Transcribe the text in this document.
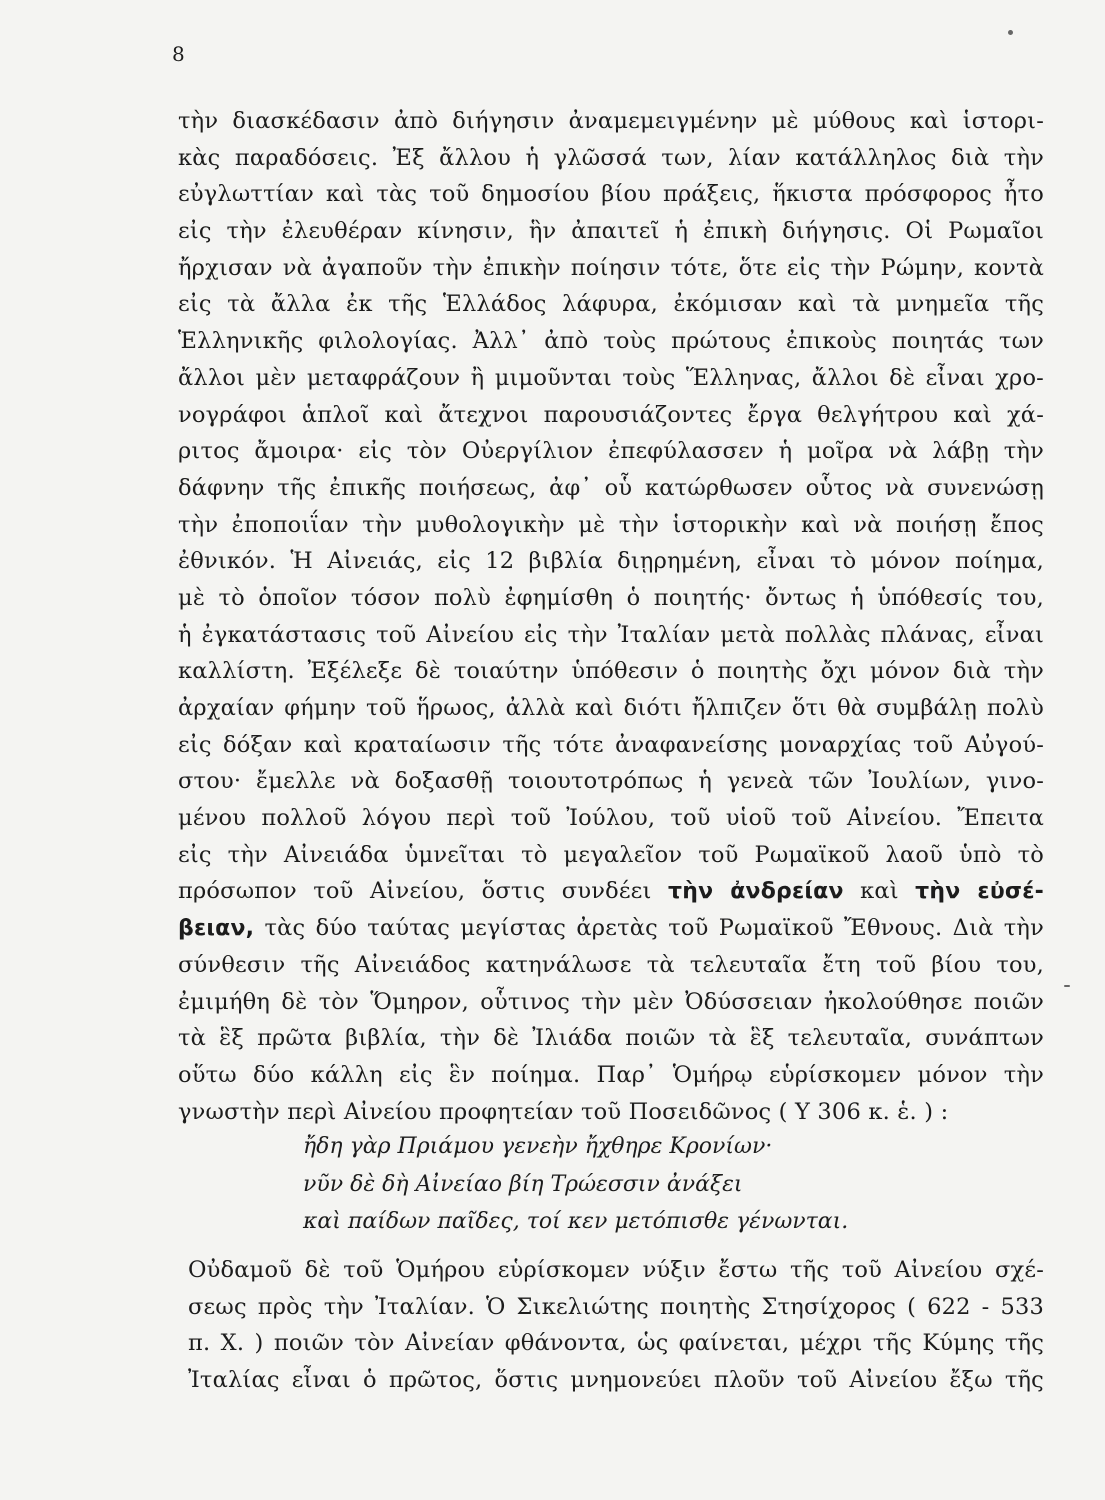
8
τὴν διασκέδασιν ἀπὸ διήγησιν ἀναμεμειγμένην μὲ μύθους καὶ ἱστορι-
κὰς παραδόσεις. Ἐξ ἄλλου ἡ γλῶσσά των, λίαν κατάλληλος διὰ τὴν
εὐγλωττίαν καὶ τὰς τοῦ δημοσίου βίου πράξεις, ἥκιστα πρόσφορος ἦτο
εἰς τὴν ἐλευθέραν κίνησιν, ἣν ἀπαιτεῖ ἡ ἐπικὴ διήγησις. Οἱ Ρωμαῖοι
ἤρχισαν νὰ ἀγαποῦν τὴν ἐπικὴν ποίησιν τότε, ὅτε εἰς τὴν Ρώμην, κοντὰ
εἰς τὰ ἄλλα ἐκ τῆς Ἑλλάδος λάφυρα, ἐκόμισαν καὶ τὰ μνημεῖα τῆς
Ἑλληνικῆς φιλολογίας. Ἀλλ᾽ ἀπὸ τοὺς πρώτους ἐπικοὺς ποιητάς των
ἄλλοι μὲν μεταφράζουν ἢ μιμοῦνται τοὺς Ἕλληνας, ἄλλοι δὲ εἶναι χρο-
νογράφοι ἁπλοῖ καὶ ἄτεχνοι παρουσιάζοντες ἔργα θελγήτρου καὶ χά-
ριτος ἄμοιρα· εἰς τὸν Οὐεργίλιον ἐπεφύλασσεν ἡ μοῖρα νὰ λάβῃ τὴν
δάφνην τῆς ἐπικῆς ποιήσεως, ἀφ᾽ οὗ κατώρθωσεν οὗτος νὰ συνενώσῃ
τὴν ἐποποιΐαν τὴν μυθολογικὴν μὲ τὴν ἱστορικὴν καὶ νὰ ποιήσῃ ἔπος
ἐθνικόν. Ἡ Αἰνειάς, εἰς 12 βιβλία διῃρημένη, εἶναι τὸ μόνον ποίημα,
μὲ τὸ ὁποῖον τόσον πολὺ ἐφημίσθη ὁ ποιητής· ὄντως ἡ ὑπόθεσίς του,
ἡ ἐγκατάστασις τοῦ Αἰνείου εἰς τὴν Ἰταλίαν μετὰ πολλὰς πλάνας, εἶναι
καλλίστη. Ἐξέλεξε δὲ τοιαύτην ὑπόθεσιν ὁ ποιητὴς ὄχι μόνον διὰ τὴν
ἀρχαίαν φήμην τοῦ ἥρωος, ἀλλὰ καὶ διότι ἤλπιζεν ὅτι θὰ συμβάλῃ πολὺ
εἰς δόξαν καὶ κραταίωσιν τῆς τότε ἀναφανείσης μοναρχίας τοῦ Αὐγού-
στου· ἔμελλε νὰ δοξασθῇ τοιουτοτρόπως ἡ γενεὰ τῶν Ἰουλίων, γινο-
μένου πολλοῦ λόγου περὶ τοῦ Ἰούλου, τοῦ υἱοῦ τοῦ Αἰνείου. Ἔπειτα
εἰς τὴν Αἰνειάδα ὑμνεῖται τὸ μεγαλεῖον τοῦ Ρωμαϊκοῦ λαοῦ ὑπὸ τὸ
πρόσωπον τοῦ Αἰνείου, ὅστις συνδέει τὴν ἀνδρείαν καὶ τὴν εὐσέ-
βειαν, τὰς δύο ταύτας μεγίστας ἀρετὰς τοῦ Ρωμαϊκοῦ Ἔθνους. Διὰ τὴν
σύνθεσιν τῆς Αἰνειάδος κατηνάλωσε τὰ τελευταῖα ἔτη τοῦ βίου του,
ἐμιμήθη δὲ τὸν Ὅμηρον, οὗτινος τὴν μὲν Ὀδύσσειαν ἠκολούθησε ποιῶν
τὰ ἓξ πρῶτα βιβλία, τὴν δὲ Ἰλιάδα ποιῶν τὰ ἓξ τελευταῖα, συνάπτων
οὕτω δύο κάλλη εἰς ἓν ποίημα. Παρ᾽ Ὁμήρῳ εὑρίσκομεν μόνον τὴν
γνωστὴν περὶ Αἰνείου προφητείαν τοῦ Ποσειδῶνος ( Υ 306 κ. ἑ. ) :
ἤδη γὰρ Πριάμου γενεὴν ἤχθηρε Κρονίων·
νῦν δὲ δὴ Αἰνείαο βίη Τρώεσσιν ἀνάξει
καὶ παίδων παῖδες, τοί κεν μετόπισθε γένωνται.
Οὐδαμοῦ δὲ τοῦ Ὁμήρου εὑρίσκομεν νύξιν ἔστω τῆς τοῦ Αἰνείου σχέ-
σεως πρὸς τὴν Ἰταλίαν. Ὁ Σικελιώτης ποιητὴς Στησίχορος ( 622 - 533
π. Χ. ) ποιῶν τὸν Αἰνείαν φθάνοντα, ὡς φαίνεται, μέχρι τῆς Κύμης τῆς
Ἰταλίας εἶναι ὁ πρῶτος, ὅστις μνημονεύει πλοῦν τοῦ Αἰνείου ἔξω τῆς
